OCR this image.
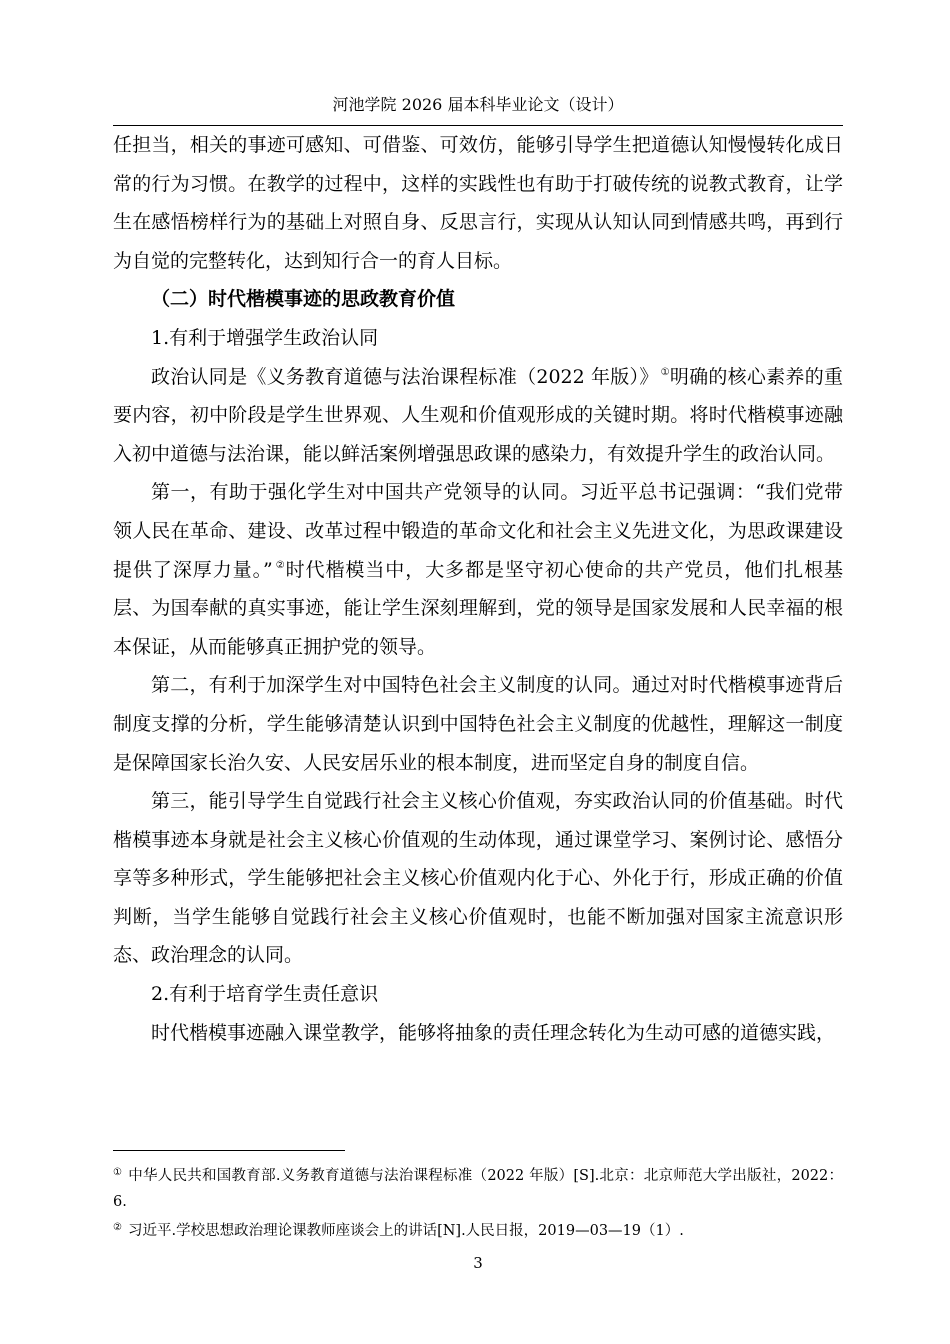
河池学院 2026 届本科毕业论文（设计）

任担当，相关的事迹可感知、可借鉴、可效仿，能够引导学生把道德认知慢慢转化成日常的行为习惯。在教学的过程中，这样的实践性也有助于打破传统的说教式教育，让学生在感悟榜样行为的基础上对照自身、反思言行，实现从认知认同到情感共鸣，再到行为自觉的完整转化，达到知行合一的育人目标。

（二）时代楷模事迹的思政教育价值

1.有利于增强学生政治认同

政治认同是《义务教育道德与法治课程标准（2022 年版）》 ①明确的核心素养的重要内容，初中阶段是学生世界观、人生观和价值观形成的关键时期。将时代楷模事迹融入初中道德与法治课，能以鲜活案例增强思政课的感染力，有效提升学生的政治认同。

第一，有助于强化学生对中国共产党领导的认同。习近平总书记强调：“我们党带领人民在革命、建设、改革过程中锻造的革命文化和社会主义先进文化，为思政课建设提供了深厚力量。” ②时代楷模当中，大多都是坚守初心使命的共产党员，他们扎根基层、为国奉献的真实事迹，能让学生深刻理解到，党的领导是国家发展和人民幸福的根本保证，从而能够真正拥护党的领导。

第二，有利于加深学生对中国特色社会主义制度的认同。通过对时代楷模事迹背后制度支撑的分析，学生能够清楚认识到中国特色社会主义制度的优越性，理解这一制度是保障国家长治久安、人民安居乐业的根本制度，进而坚定自身的制度自信。

第三，能引导学生自觉践行社会主义核心价值观，夯实政治认同的价值基础。时代楷模事迹本身就是社会主义核心价值观的生动体现，通过课堂学习、案例讨论、感悟分享等多种形式，学生能够把社会主义核心价值观内化于心、外化于行，形成正确的价值判断，当学生能够自觉践行社会主义核心价值观时，也能不断加强对国家主流意识形态、政治理念的认同。

2.有利于培育学生责任意识

时代楷模事迹融入课堂教学，能够将抽象的责任理念转化为生动可感的道德实践，

① 中华人民共和国教育部.义务教育道德与法治课程标准（2022 年版）[S].北京：北京师范大学出版社，2022：6.

② 习近平.学校思想政治理论课教师座谈会上的讲话[N].人民日报，2019—03—19（1）.

3
